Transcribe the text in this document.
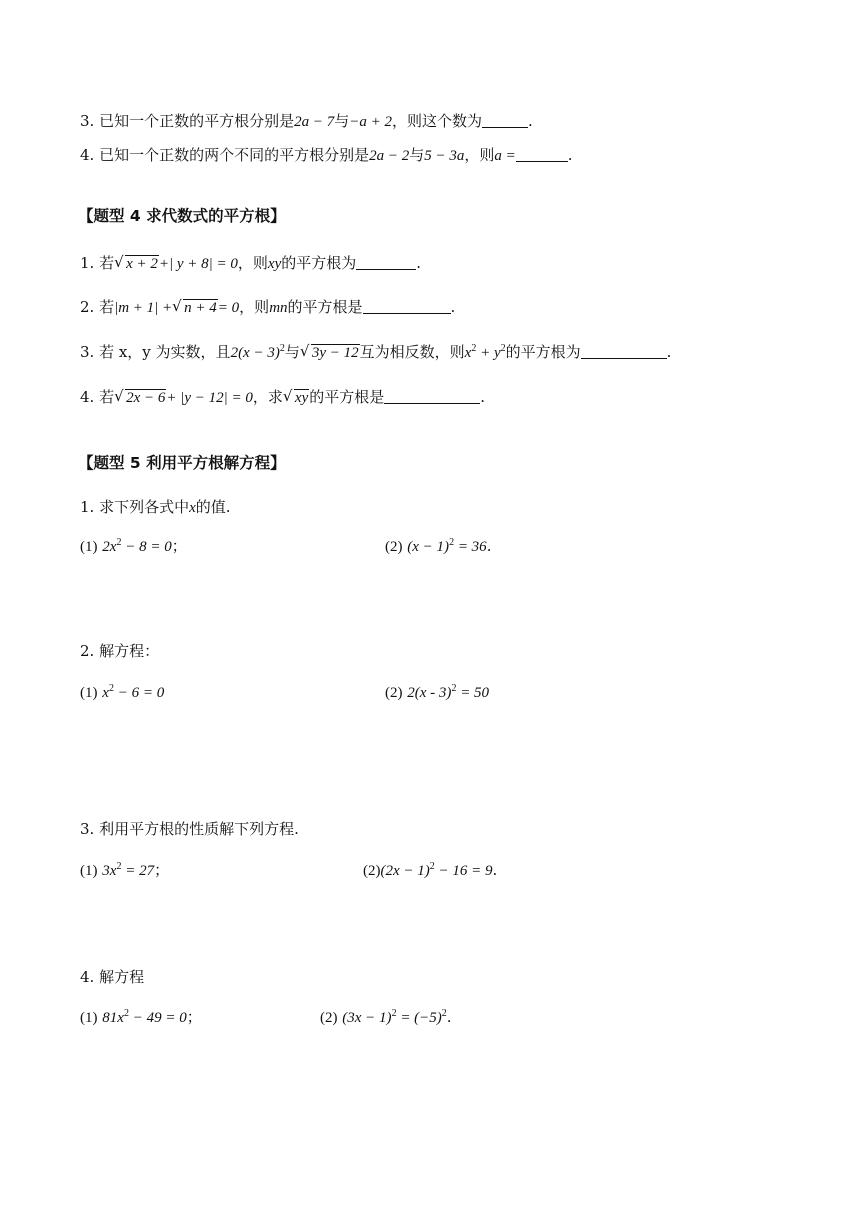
3. 已知一个正数的平方根分别是2a − 7与−a + 2，则这个数为	.
4. 已知一个正数的两个不同的平方根分别是2a − 2与5 − 3a，则a =	.
【题型 4 求代数式的平方根】
1. 若 √ x + 2+| y + 8| = 0，则xy的平方根为	.
2. 若|m + 1| + √ n + 4= 0，则mn的平方根是	.
3. 若 x，y 为实数，且$2(x - 3)^2$与 √ 3y − 12互为相反数，则$x^2 + y^2$的平方根为	.
4. 若 √ 2x − 6+ |y − 12| = 0，求 √ xy的平方根是	.
【题型 5 利用平方根解方程】
1. 求下列各式中x的值.
(1) $2x^2 - 8 = 0$；	(2) $(x - 1)^2 = 36$.
2. 解方程：
(1) $x^2 - 6 = 0$	(2) 2(x - 3)$^2$ = 50
3. 利用平方根的性质解下列方程.
(1) $3x^2 = 27$；	$(2)(2x - 1)^2 - 16 = 9$.
4. 解方程
(1) $81x^2 - 49 = 0$；	(2) $(3x - 1)^2 = (-5)^2$.
